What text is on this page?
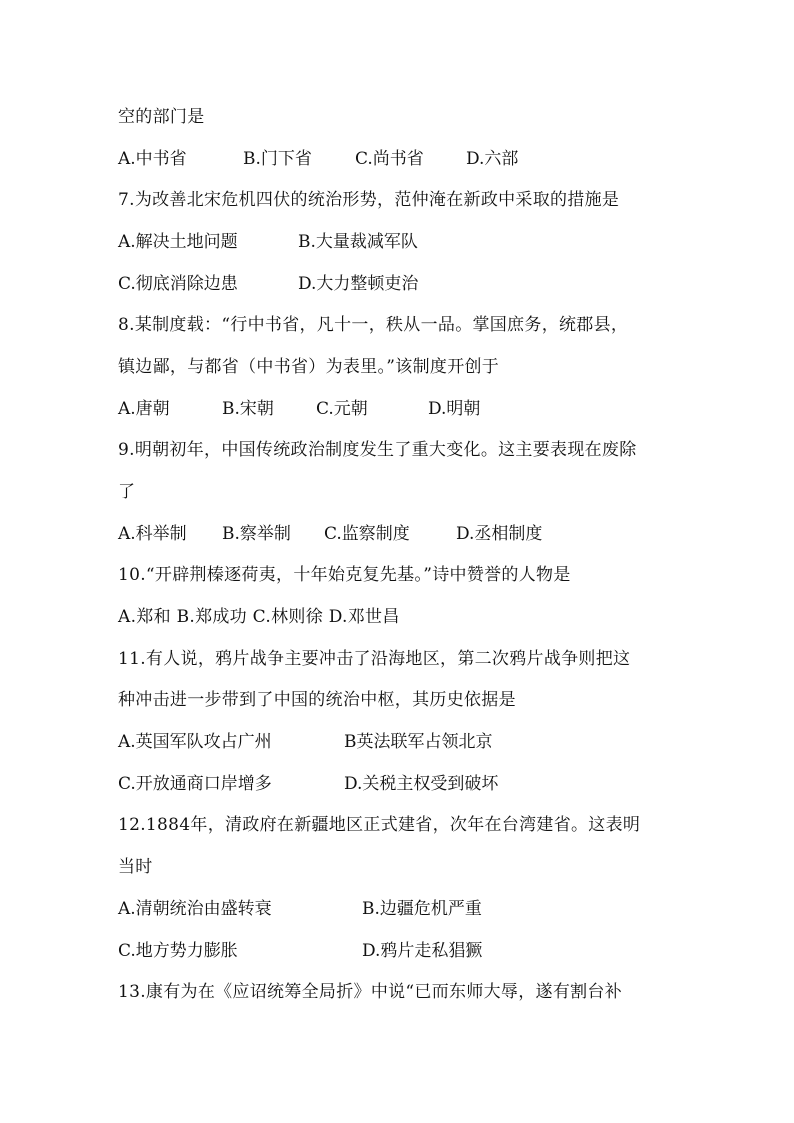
空的部门是
A.中书省	B.门下省	C.尚书省 D.六部
7.为改善北宋危机四伏的统治形势，范仲淹在新政中采取的措施是
A.解决土地问题	B.大量裁减军队
C.彻底消除边患	D.大力整顿吏治
8.某制度载：“行中书省，凡十一，秩从一品。掌国庶务，统郡县，
镇边鄙，与都省（中书省）为表里。”该制度开创于
A.唐朝	B.宋朝 C.元朝	D.明朝
9.明朝初年，中国传统政治制度发生了重大变化。这主要表现在废除
了
A.科举制 B.察举制 C.监察制度	D.丞相制度
10.“开辟荆榛逐荷夷，十年始克复先基。”诗中赞誉的人物是
A.郑和 B.郑成功 C.林则徐 D.邓世昌
11.有人说，鸦片战争主要冲击了沿海地区，第二次鸦片战争则把这
种冲击进一步带到了中国的统治中枢，其历史依据是
A.英国军队攻占广州	B英法联军占领北京
C.开放通商口岸增多	D.关税主权受到破坏
12.1884年，清政府在新疆地区正式建省，次年在台湾建省。这表明
当时
A.清朝统治由盛转衰	B.边疆危机严重
C.地方势力膨胀	D.鸦片走私猖獗
13.康有为在《应诏统筹全局折》中说“已而东师大辱，遂有割台补
